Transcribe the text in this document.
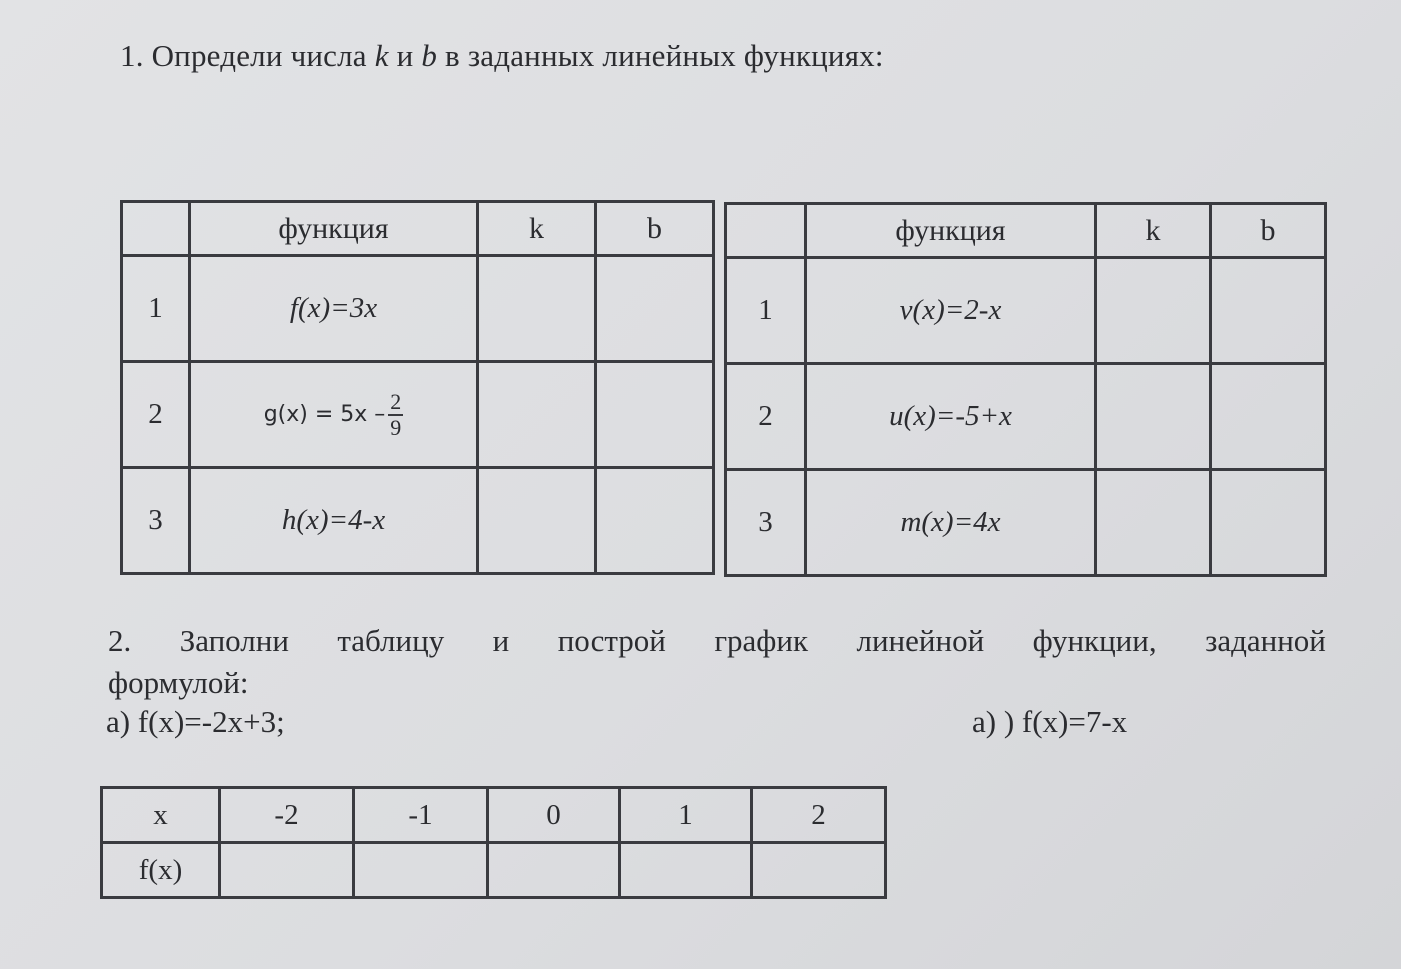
1. Определи числа k и b в заданных линейных функциях:
	функция	k	b
1	f(x)=3x		
2	$g(x) = 5x - \frac{2}{9}$

3	h(x)=4-x		
	функция	k	b
1	v(x)=2-x		
2	u(x)=-5+x		
3	m(x)=4x		
2. Заполни таблицу и построй график линейной функции, заданной
формулой:
а) f(x)=-2x+3;	а) ) f(x)=7-x
x	-2	-1	0	1	2
f(x)					
